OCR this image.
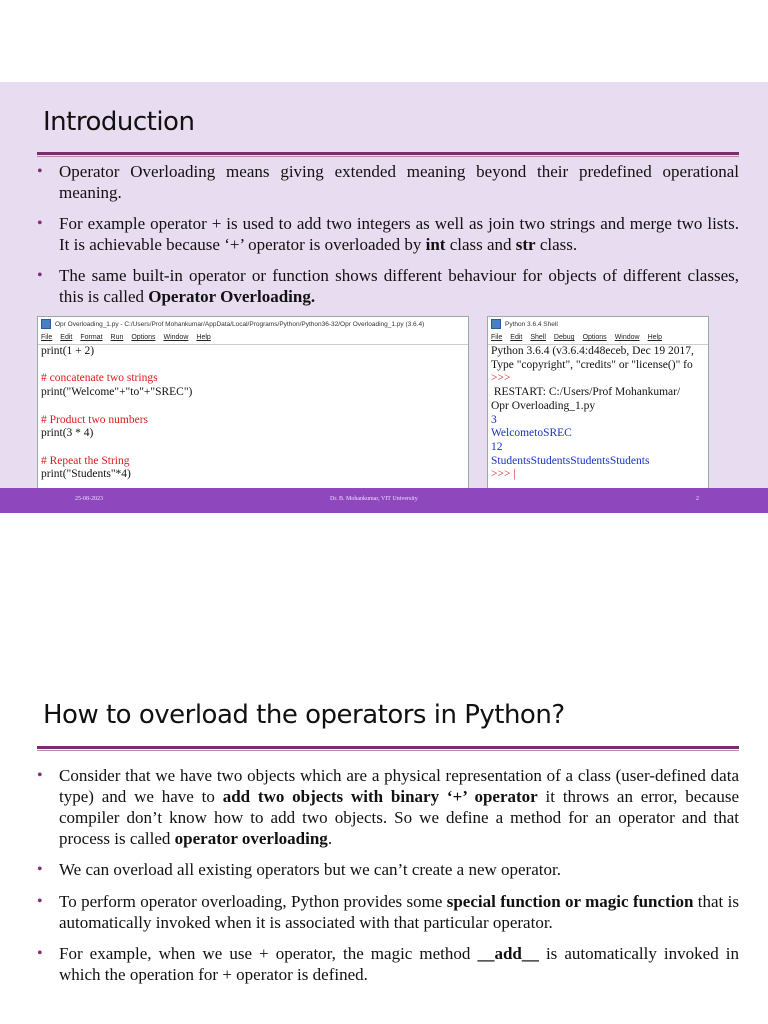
Introduction
• Operator Overloading means giving extended meaning beyond their predefined operational meaning.
• For example operator + is used to add two integers as well as join two strings and merge two lists. It is achievable because ‘+’ operator is overloaded by int class and str class.
• The same built-in operator or function shows different behaviour for objects of different classes, this is called Operator Overloading.
Opr Overloading_1.py - C:/Users/Prof Mohankumar/AppData/Local/Programs/Python/Python36-32/Opr Overloading_1.py (3.6.4)
File Edit Format Run Options Window Help
print(1 + 2)

# concatenate two strings
print("Welcome"+"to"+"SREC")

# Product two numbers
print(3 * 4)

# Repeat the String
print("Students"*4)
Python 3.6.4 Shell
File Edit Shell Debug Options Window Help
Python 3.6.4 (v3.6.4:d48eceb, Dec 19 2017,
Type "copyright", "credits" or "license()" fo
>>>
RESTART: C:/Users/Prof Mohankumar/
Opr Overloading_1.py
3
WelcometoSREC
12
StudentsStudentsStudentsStudents
>>> |
25-08-2023	Dr. B. Mohankumar, VIT University	2
How to overload the operators in Python?
• Consider that we have two objects which are a physical representation of a class (user-defined data type) and we have to add two objects with binary ‘+’ operator it throws an error, because compiler don’t know how to add two objects. So we define a method for an operator and that process is called operator overloading.
• We can overload all existing operators but we can’t create a new operator.
• To perform operator overloading, Python provides some special function or magic function that is automatically invoked when it is associated with that particular operator.
• For example, when we use + operator, the magic method __add__ is automatically invoked in which the operation for + operator is defined.
